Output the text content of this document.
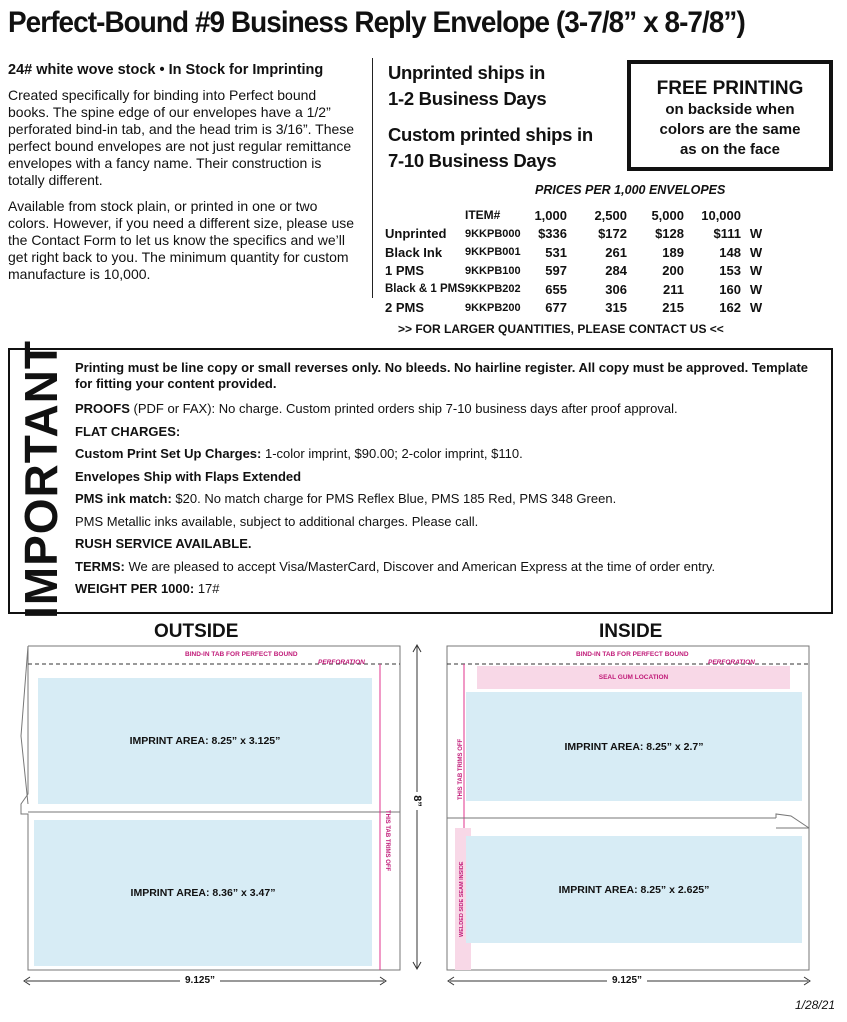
Perfect-Bound #9 Business Reply Envelope (3-7/8” x 8-7/8”)
24# white wove stock • In Stock for Imprinting

Created specifically for binding into Perfect bound books. The spine edge of our envelopes have a 1/2” perforated bind-in tab, and the head trim is 3/16”. These perfect bound envelopes are not just regular remittance envelopes with a fancy name. Their construction is totally different.

Available from stock plain, or printed in one or two colors. However, if you need a different size, please use the Contact Form to let us know the specifics and we’ll get right back to you. The minimum quantity for custom manufacture is 10,000.

Unprinted ships in
1-2 Business Days
Custom printed ships in
7-10 Business Days
FREE PRINTING
on backside when
colors are the same
as on the face
PRICES PER 1,000 ENVELOPES
	ITEM#	1,000	2,500	5,000	10,000	
Unprinted	9KKPB000	$336	$172	$128	$111	W
Black Ink	9KKPB001	531	261	189	148	W
1 PMS	9KKPB100	597	284	200	153	W
Black & 1 PMS	9KKPB202	655	306	211	160	W
2 PMS	9KKPB200	677	315	215	162	W
>> FOR LARGER QUANTITIES, PLEASE CONTACT US <<
IMPORTANT Printing must be line copy or small reverses only. No bleeds. No hairline register. All copy must be approved. Template for fitting your content provided.
PROOFS (PDF or FAX): No charge. Custom printed orders ship 7-10 business days after proof approval.
FLAT CHARGES:
Custom Print Set Up Charges: 1-color imprint, $90.00; 2-color imprint, $110.
Envelopes Ship with Flaps Extended
PMS ink match: $20. No match charge for PMS Reflex Blue, PMS 185 Red, PMS 348 Green.
PMS Metallic inks available, subject to additional charges. Please call.
RUSH SERVICE AVAILABLE.
TERMS: We are pleased to accept Visa/MasterCard, Discover and American Express at the time of order entry.
WEIGHT PER 1000: 17#
OUTSIDE
BIND-IN TAB FOR PERFECT BOUND
PERFORATION
THIS TAB TRIMS OFF
IMPRINT AREA: 8.25” x 3.125”
IMPRINT AREA: 8.36” x 3.47”
9.125”
8”
INSIDE
BIND-IN TAB FOR PERFECT BOUND
PERFORATION
SEAL GUM LOCATION
THIS TAB TRIMS OFF	IMPRINT AREA: 8.25” x 2.7”
WELDED SIDE SEAM INSIDE	IMPRINT AREA: 8.25” x 2.625”
9.125”
1/28/21
